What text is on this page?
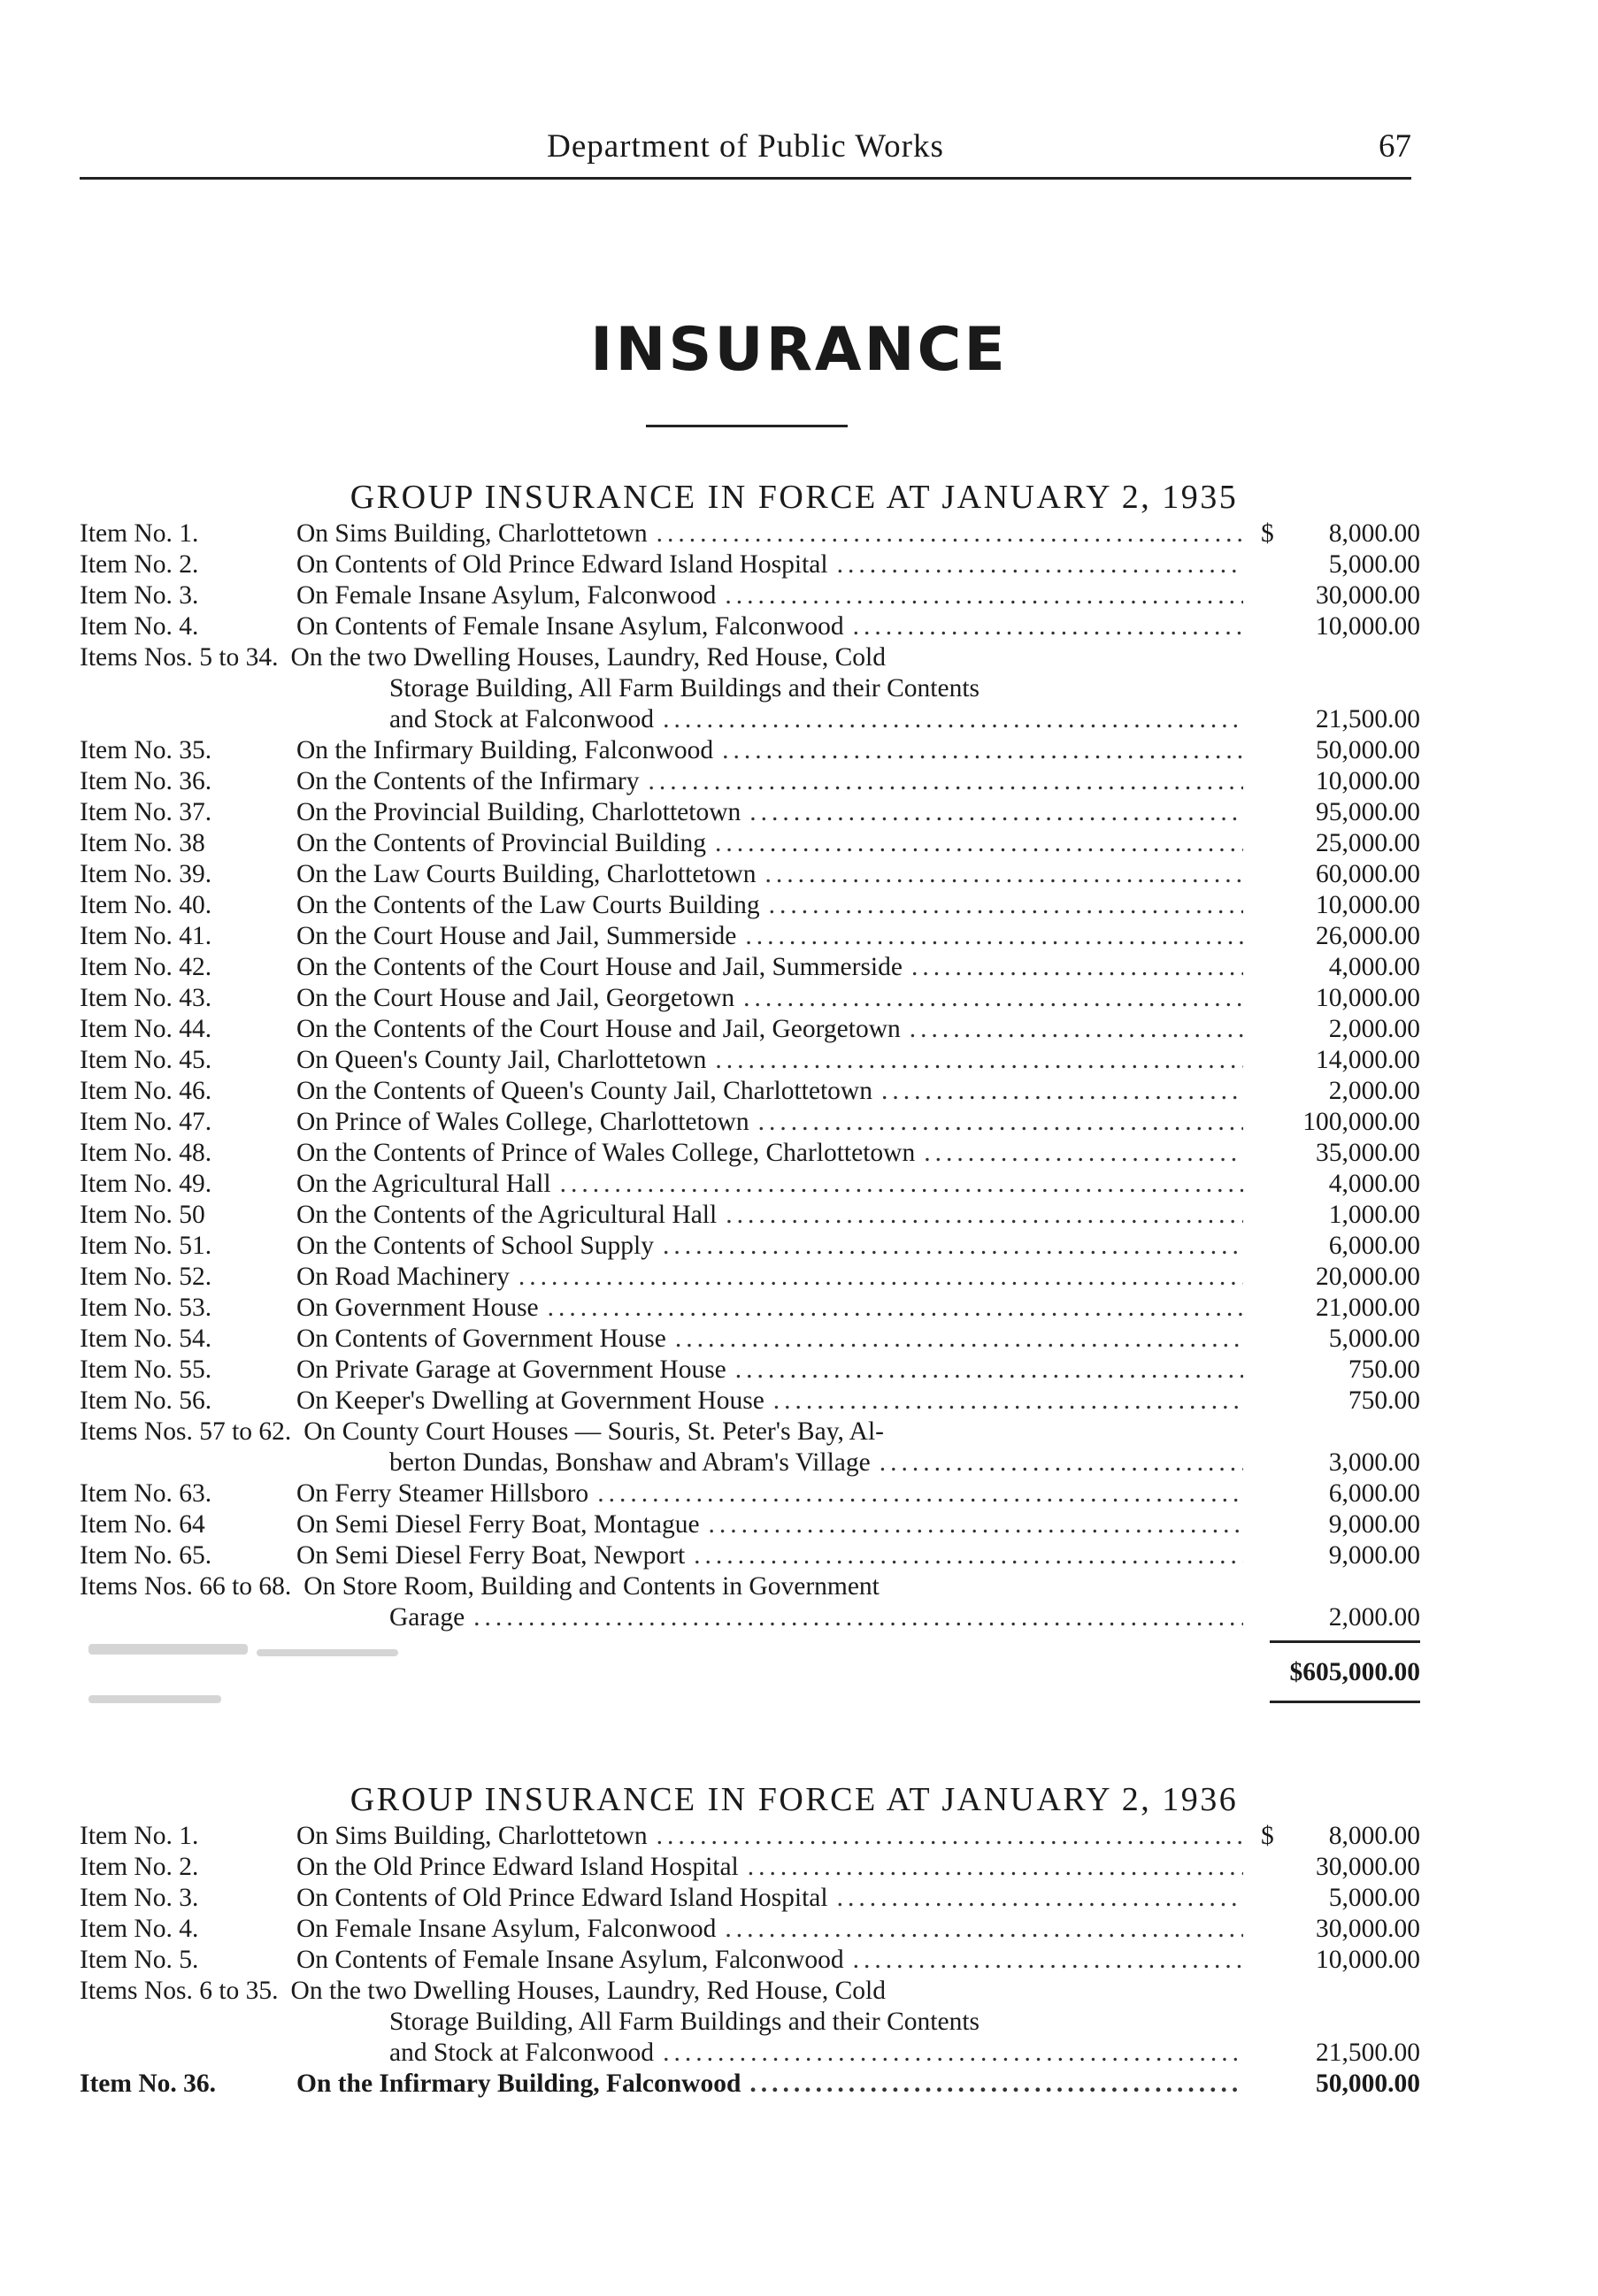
Department of Public Works	67
INSURANCE
GROUP INSURANCE IN FORCE AT JANUARY 2, 1935
Item No. 1.	On Sims Building, Charlottetown .....	$	8,000.00
Item No. 2.	On Contents of Old Prince Edward Island Hospital .....	5,000.00
Item No. 3.	On Female Insane Asylum, Falconwood .....	30,000.00
Item No. 4.	On Contents of Female Insane Asylum, Falconwood .....	10,000.00
Items Nos. 5 to 34. On the two Dwelling Houses, Laundry, Red House, Cold
Storage Building, All Farm Buildings and their Contents
and Stock at Falconwood .....	21,500.00
Item No. 35.	On the Infirmary Building, Falconwood .....	50,000.00
Item No. 36.	On the Contents of the Infirmary .....	10,000.00
Item No. 37.	On the Provincial Building, Charlottetown .....	95,000.00
Item No. 38	On the Contents of Provincial Building .....	25,000.00
Item No. 39.	On the Law Courts Building, Charlottetown .....	60,000.00
Item No. 40.	On the Contents of the Law Courts Building .....	10,000.00
Item No. 41.	On the Court House and Jail, Summerside .....	26,000.00
Item No. 42.	On the Contents of the Court House and Jail, Summerside .....	4,000.00
Item No. 43.	On the Court House and Jail, Georgetown .....	10,000.00
Item No. 44.	On the Contents of the Court House and Jail, Georgetown .....	2,000.00
Item No. 45.	On Queen's County Jail, Charlottetown .....	14,000.00
Item No. 46.	On the Contents of Queen's County Jail, Charlottetown .....	2,000.00
Item No. 47.	On Prince of Wales College, Charlottetown .....	100,000.00
Item No. 48.	On the Contents of Prince of Wales College, Charlottetown .....	35,000.00
Item No. 49.	On the Agricultural Hall .....	4,000.00
Item No. 50	On the Contents of the Agricultural Hall .....	1,000.00
Item No. 51.	On the Contents of School Supply .....	6,000.00
Item No. 52.	On Road Machinery .....	20,000.00
Item No. 53.	On Government House .....	21,000.00
Item No. 54.	On Contents of Government House .....	5,000.00
Item No. 55.	On Private Garage at Government House .....	750.00
Item No. 56.	On Keeper's Dwelling at Government House .....	750.00
Items Nos. 57 to 62. On County Court Houses — Souris, St. Peter's Bay, Al-
berton Dundas, Bonshaw and Abram's Village .....	3,000.00
Item No. 63.	On Ferry Steamer Hillsboro .....	6,000.00
Item No. 64	On Semi Diesel Ferry Boat, Montague .....	9,000.00
Item No. 65.	On Semi Diesel Ferry Boat, Newport .....	9,000.00
Items Nos. 66 to 68. On Store Room, Building and Contents in Government
Garage .....	2,000.00
$605,000.00
GROUP INSURANCE IN FORCE AT JANUARY 2, 1936
Item No. 1.	On Sims Building, Charlottetown .....	$	8,000.00
Item No. 2.	On the Old Prince Edward Island Hospital .....	30,000.00
Item No. 3.	On Contents of Old Prince Edward Island Hospital .....	5,000.00
Item No. 4.	On Female Insane Asylum, Falconwood .....	30,000.00
Item No. 5.	On Contents of Female Insane Asylum, Falconwood .....	10,000.00
Items Nos. 6 to 35. On the two Dwelling Houses, Laundry, Red House, Cold
Storage Building, All Farm Buildings and their Contents
and Stock at Falconwood .....	21,500.00
Item No. 36.	On the Infirmary Building, Falconwood .....	50,000.00
